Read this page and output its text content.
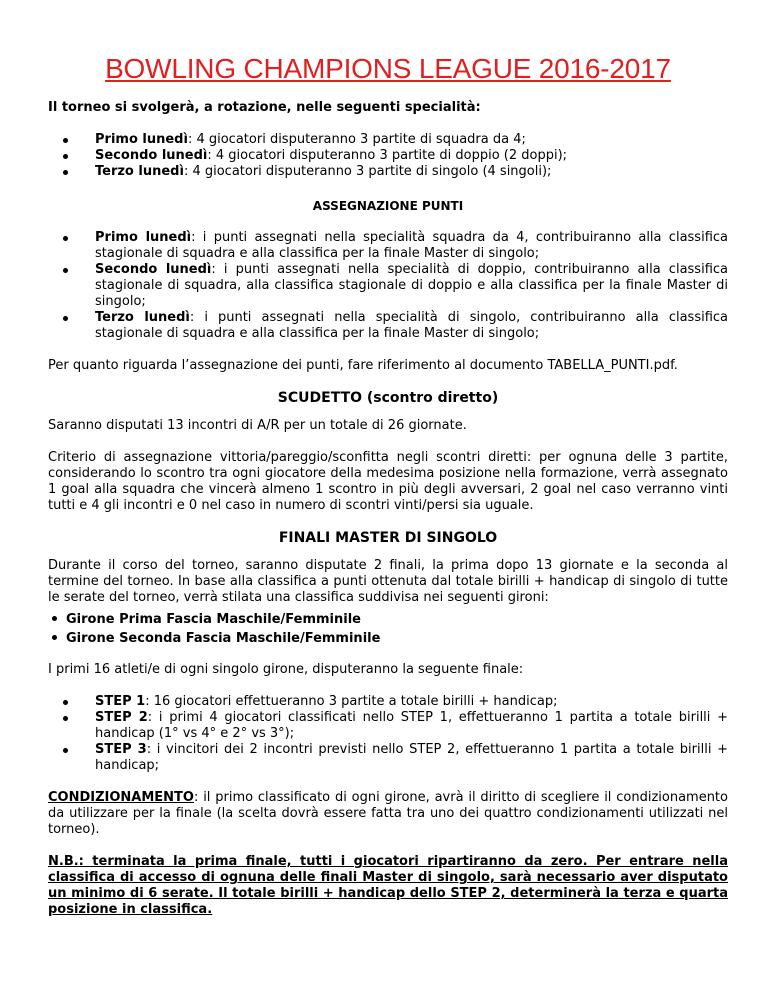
BOWLING CHAMPIONS LEAGUE 2016-2017

Il torneo si svolgerà, a rotazione, nelle seguenti specialità:

Primo lunedì: 4 giocatori disputeranno 3 partite di squadra da 4;
Secondo lunedì: 4 giocatori disputeranno 3 partite di doppio (2 doppi);
Terzo lunedì: 4 giocatori disputeranno 3 partite di singolo (4 singoli);

ASSEGNAZIONE PUNTI

Primo lunedì: i punti assegnati nella specialità squadra da 4, contribuiranno alla classifica stagionale di squadra e alla classifica per la finale Master di singolo;
Secondo lunedì: i punti assegnati nella specialità di doppio, contribuiranno alla classifica stagionale di squadra, alla classifica stagionale di doppio e alla classifica per la finale Master di singolo;
Terzo lunedì: i punti assegnati nella specialità di singolo, contribuiranno alla classifica stagionale di squadra e alla classifica per la finale Master di singolo;

Per quanto riguarda l’assegnazione dei punti, fare riferimento al documento TABELLA_PUNTI.pdf.

SCUDETTO (scontro diretto)

Saranno disputati 13 incontri di A/R per un totale di 26 giornate.

Criterio di assegnazione vittoria/pareggio/sconfitta negli scontri diretti: per ognuna delle 3 partite, considerando lo scontro tra ogni giocatore della medesima posizione nella formazione, verrà assegnato 1 goal alla squadra che vincerà almeno 1 scontro in più degli avversari, 2 goal nel caso verranno vinti tutti e 4 gli incontri e 0 nel caso in numero di scontri vinti/persi sia uguale.

FINALI MASTER DI SINGOLO

Durante il corso del torneo, saranno disputate 2 finali, la prima dopo 13 giornate e la seconda al termine del torneo. In base alla classifica a punti ottenuta dal totale birilli + handicap di singolo di tutte le serate del torneo, verrà stilata una classifica suddivisa nei seguenti gironi:

Girone Prima Fascia Maschile/Femminile
Girone Seconda Fascia Maschile/Femminile

I primi 16 atleti/e di ogni singolo girone, disputeranno la seguente finale:

STEP 1: 16 giocatori effettueranno 3 partite a totale birilli + handicap;
STEP 2: i primi 4 giocatori classificati nello STEP 1, effettueranno 1 partita a totale birilli + handicap (1° vs 4° e 2° vs 3°);
STEP 3: i vincitori dei 2 incontri previsti nello STEP 2, effettueranno 1 partita a totale birilli + handicap;

CONDIZIONAMENTO: il primo classificato di ogni girone, avrà il diritto di scegliere il condizionamento da utilizzare per la finale (la scelta dovrà essere fatta tra uno dei quattro condizionamenti utilizzati nel torneo).

N.B.: terminata la prima finale, tutti i giocatori ripartiranno da zero. Per entrare nella classifica di accesso di ognuna delle finali Master di singolo, sarà necessario aver disputato un minimo di 6 serate. Il totale birilli + handicap dello STEP 2, determinerà la terza e quarta posizione in classifica.
